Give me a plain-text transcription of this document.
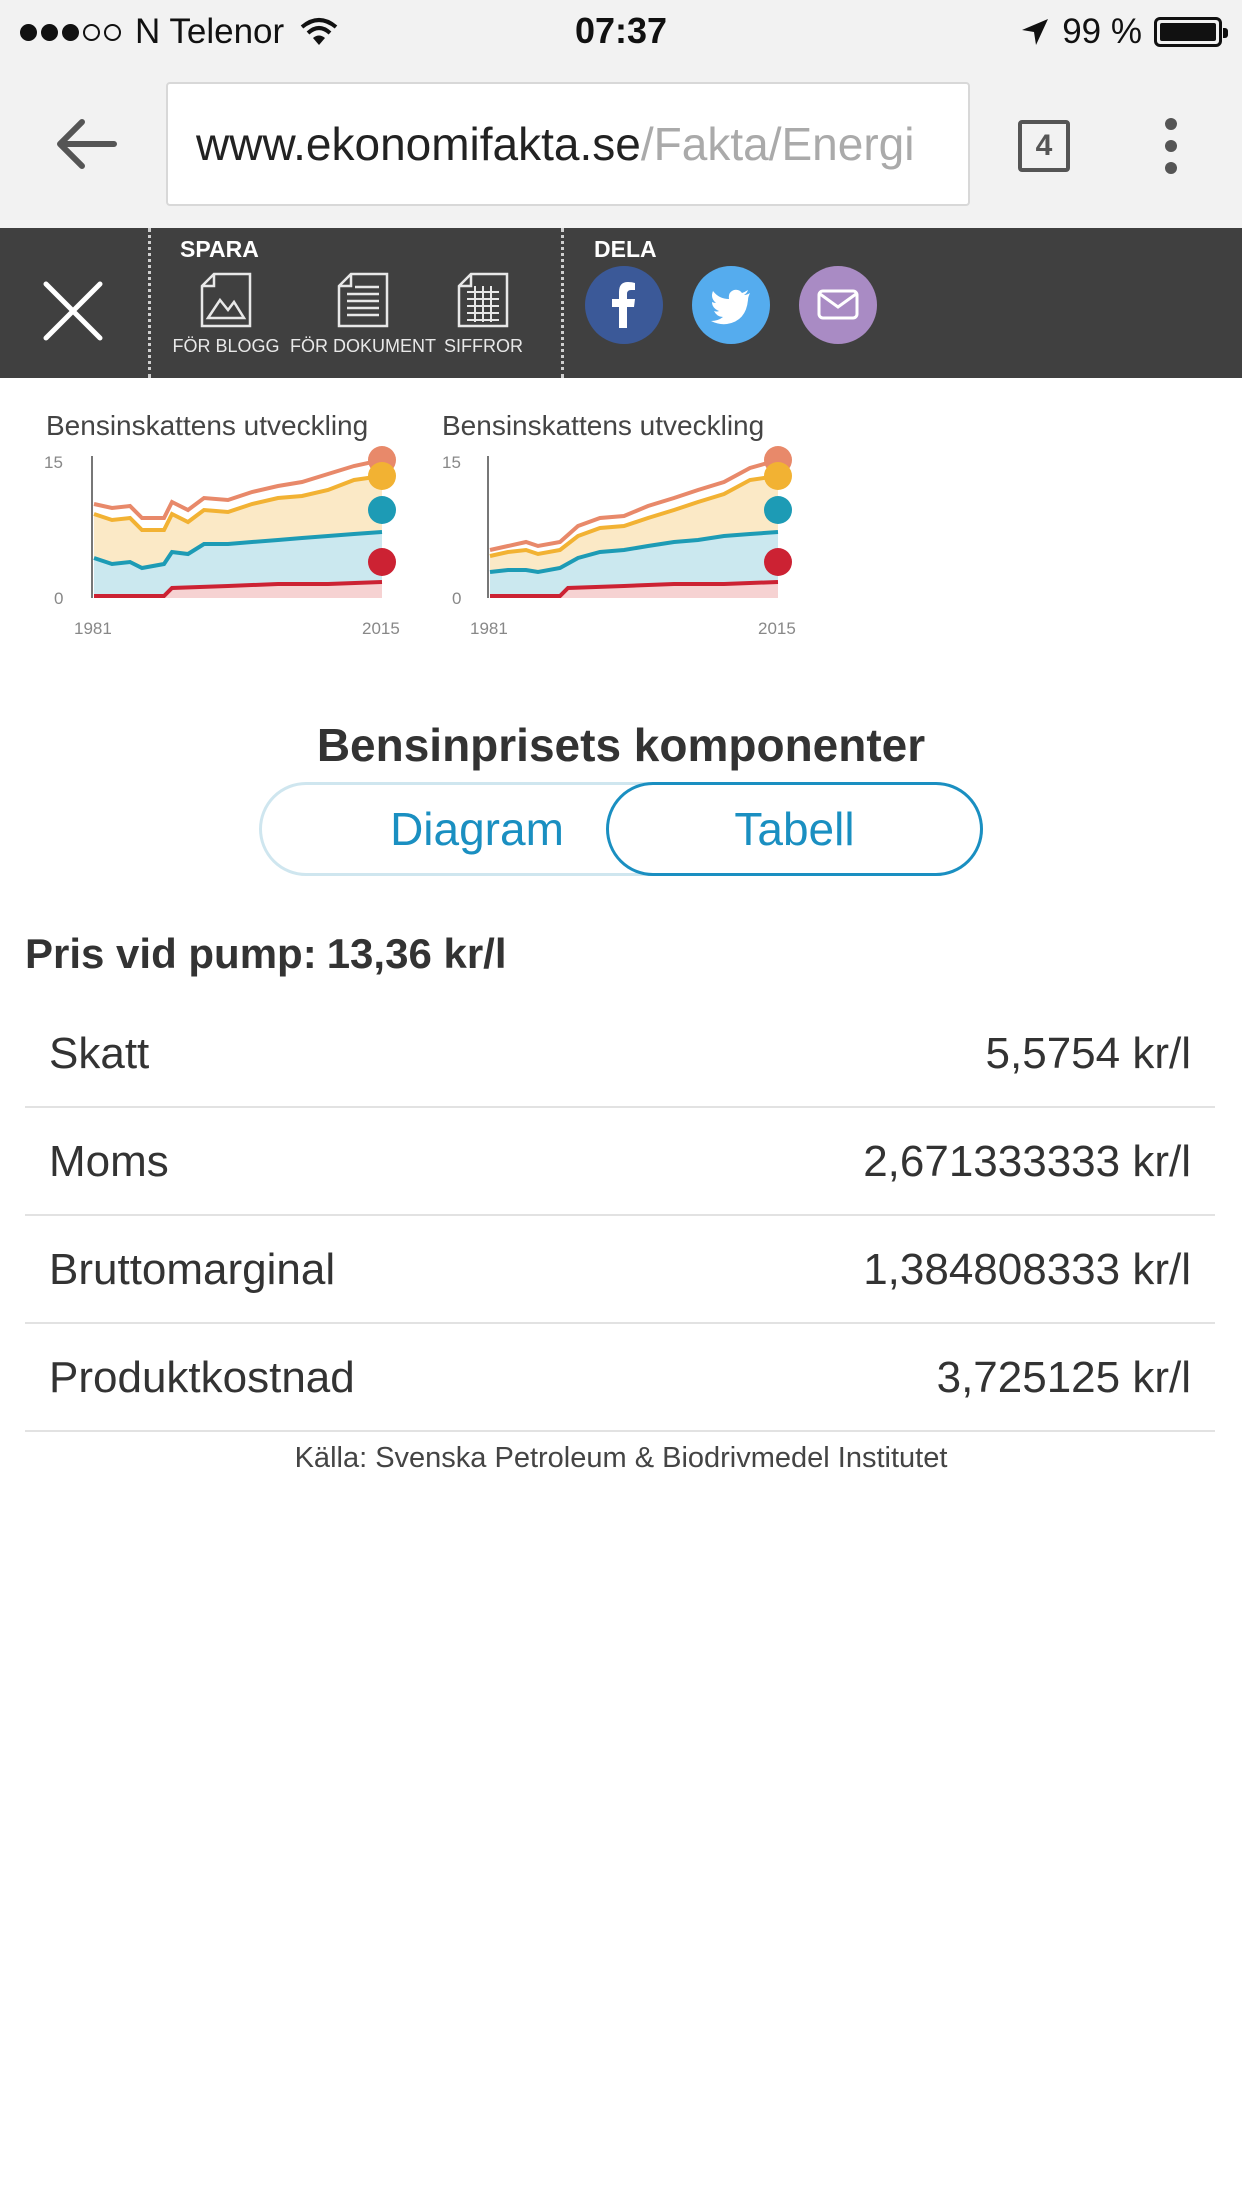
N Telenor	07:37	99 %
www.ekonomifakta.se/Fakta/Energi	4
SPARA
FÖR BLOGG FÖR DOKUMENT SIFFROR
DELA
Bensinskattens utveckling
15
0
1981	2015
Bensinskattens utveckling
15
0
1981	2015
Bensinprisets komponenter
Diagram	Tabell
Pris vid pump: 13,36 kr/l
Skatt	5,5754 kr/l
Moms	2,671333333 kr/l
Bruttomarginal	1,384808333 kr/l
Produktkostnad	3,725125 kr/l
Källa: Svenska Petroleum & Biodrivmedel Institutet
